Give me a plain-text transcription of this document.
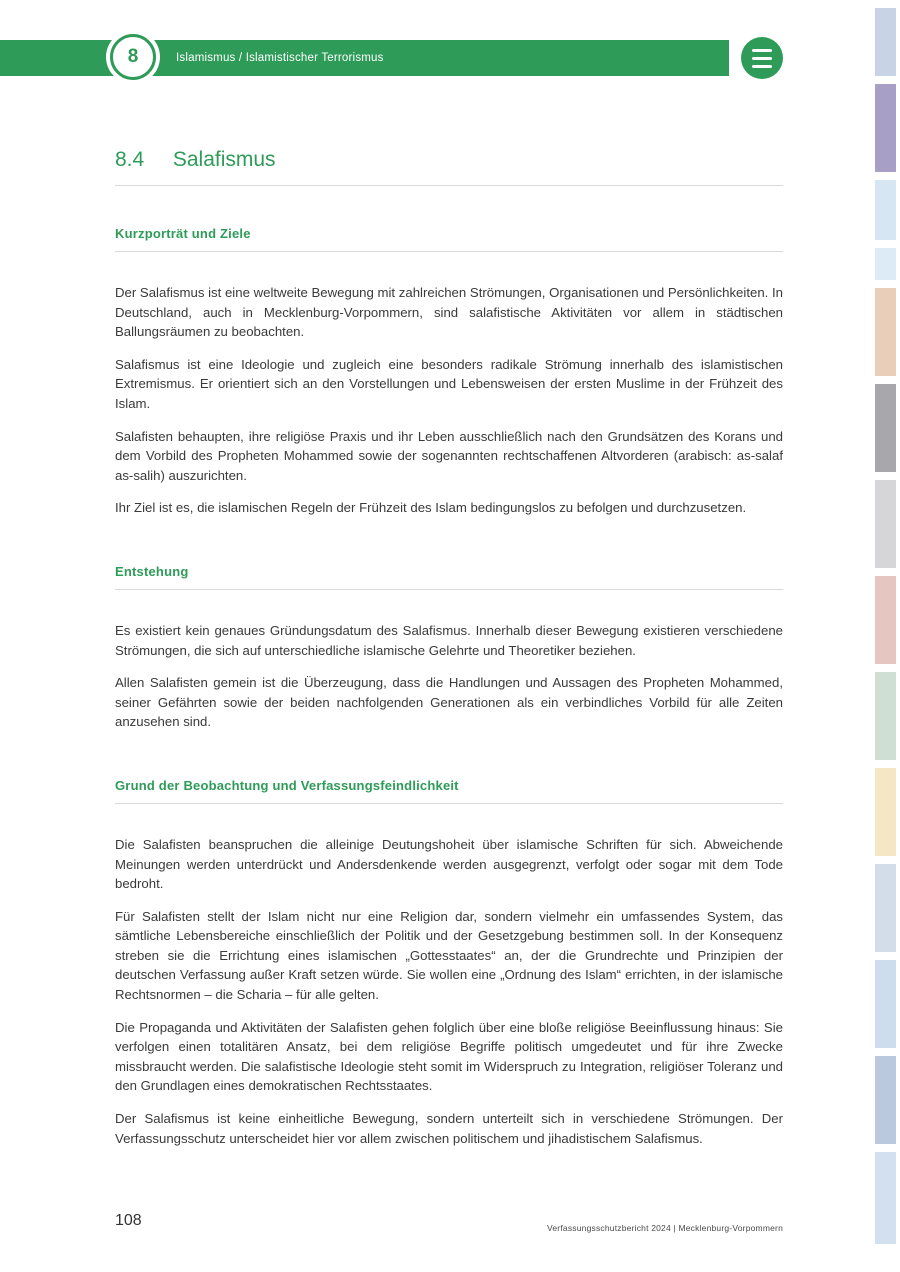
8	Islamismus / Islamistischer Terrorismus
8.4 Salafismus
Kurzporträt und Ziele

Der Salafismus ist eine weltweite Bewegung mit zahlreichen Strömungen, Organisationen und Persönlichkeiten. In Deutschland, auch in Mecklenburg-Vorpommern, sind salafistische Aktivitäten vor allem in städtischen Ballungsräumen zu beobachten.

Salafismus ist eine Ideologie und zugleich eine besonders radikale Strömung innerhalb des islamistischen Extremismus. Er orientiert sich an den Vorstellungen und Lebensweisen der ersten Muslime in der Frühzeit des Islam.

Salafisten behaupten, ihre religiöse Praxis und ihr Leben ausschließlich nach den Grundsätzen des Korans und dem Vorbild des Propheten Mohammed sowie der sogenannten rechtschaffenen Altvorderen (arabisch: as-salaf as-salih) auszurichten.

Ihr Ziel ist es, die islamischen Regeln der Frühzeit des Islam bedingungslos zu befolgen und durchzusetzen.

Entstehung

Es existiert kein genaues Gründungsdatum des Salafismus. Innerhalb dieser Bewegung existieren verschiedene Strömungen, die sich auf unterschiedliche islamische Gelehrte und Theoretiker beziehen.

Allen Salafisten gemein ist die Überzeugung, dass die Handlungen und Aussagen des Propheten Mohammed, seiner Gefährten sowie der beiden nachfolgenden Generationen als ein verbindliches Vorbild für alle Zeiten anzusehen sind.

Grund der Beobachtung und Verfassungsfeindlichkeit

Die Salafisten beanspruchen die alleinige Deutungshoheit über islamische Schriften für sich. Abweichende Meinungen werden unterdrückt und Andersdenkende werden ausgegrenzt, verfolgt oder sogar mit dem Tode bedroht.

Für Salafisten stellt der Islam nicht nur eine Religion dar, sondern vielmehr ein umfassendes System, das sämtliche Lebensbereiche einschließlich der Politik und der Gesetzgebung bestimmen soll. In der Konsequenz streben sie die Errichtung eines islamischen „Gottesstaates“ an, der die Grundrechte und Prinzipien der deutschen Verfassung außer Kraft setzen würde. Sie wollen eine „Ordnung des Islam“ errichten, in der islamische Rechtsnormen – die Scharia – für alle gelten.

Die Propaganda und Aktivitäten der Salafisten gehen folglich über eine bloße religiöse Beeinflussung hinaus: Sie verfolgen einen totalitären Ansatz, bei dem religiöse Begriffe politisch umgedeutet und für ihre Zwecke missbraucht werden. Die salafistische Ideologie steht somit im Widerspruch zu Integration, religiöser Toleranz und den Grundlagen eines demokratischen Rechtsstaates.

Der Salafismus ist keine einheitliche Bewegung, sondern unterteilt sich in verschiedene Strömungen. Der Verfassungsschutz unterscheidet hier vor allem zwischen politischem und jihadistischem Salafismus.

108	Verfassungsschutzbericht 2024 | Mecklenburg-Vorpommern
